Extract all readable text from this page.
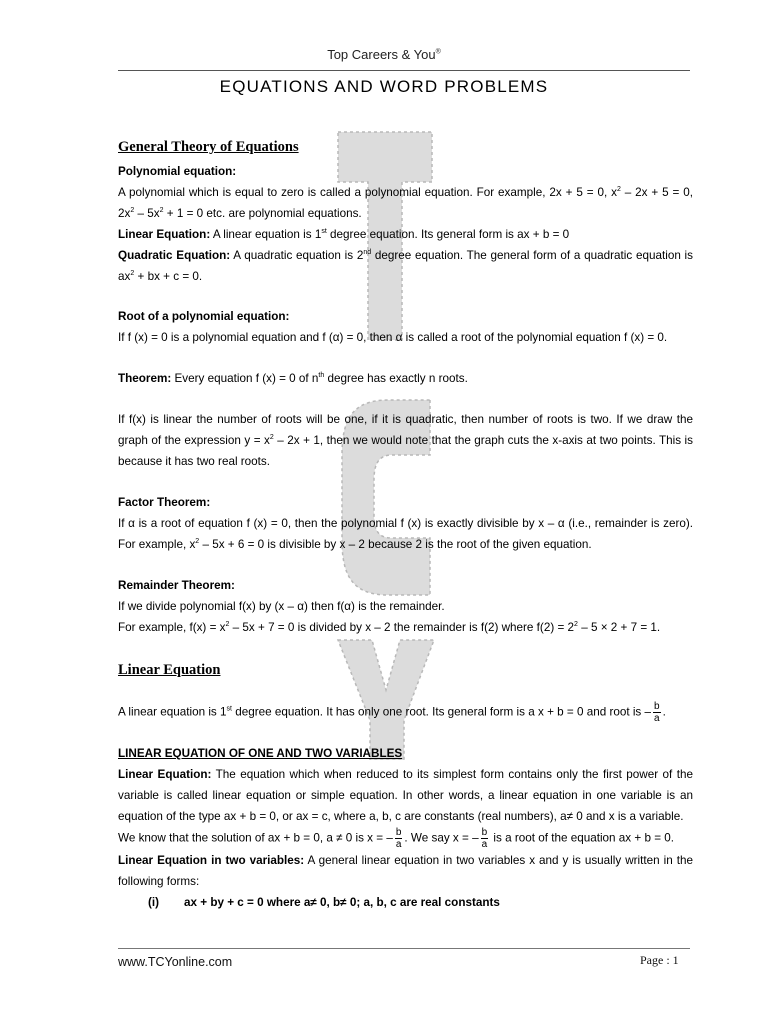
Top Careers & You®
EQUATIONS AND WORD PROBLEMS

General Theory of Equations

Polynomial equation:

A polynomial which is equal to zero is called a polynomial equation. For example, 2x + 5 = 0, $x^2 - 2x + 5 = 0$, $2x^2 - 5x^2 + 1 = 0$ etc. are polynomial equations.

Linear Equation: A linear equation is 1st degree equation. Its general form is ax + b = 0

Quadratic Equation: A quadratic equation is 2nd degree equation. The general form of a quadratic equation is $ax^2$ + bx + c = 0.

Root of a polynomial equation:

If f (x) = 0 is a polynomial equation and f (α) = 0, then α is called a root of the polynomial equation f (x) = 0.

Theorem: Every equation f (x) = 0 of $n^{th}$ degree has exactly n roots.

If f(x) is linear the number of roots will be one, if it is quadratic, then number of roots is two. If we draw the graph of the expression $y = x^2 - 2x + 1$, then we would note that the graph cuts the x-axis at two points. This is because it has two real roots.

Factor Theorem:

If α is a root of equation f (x) = 0, then the polynomial f (x) is exactly divisible by x – α (i.e., remainder is zero). For example, $x^2 - 5x + 6 = 0$ is divisible by x – 2 because 2 is the root of the given equation.

Remainder Theorem:

If we divide polynomial f(x) by (x – α) then f(α) is the remainder.

For example, $f(x) = x^2 - 5x + 7 = 0$ is divided by x – 2 the remainder is f(2) where $f(2) = 2^2 - 5 \times 2 + 7 = 1$.

Linear Equation

A linear equation is 1st degree equation. It has only one root. Its general form is a x + b = 0 and root is – $\frac{b}{a}$ .

LINEAR EQUATION OF ONE AND TWO VARIABLES

Linear Equation: The equation which when reduced to its simplest form contains only the first power of the variable is called linear equation or simple equation. In other words, a linear equation in one variable is an equation of the type ax + b = 0, or ax = c, where a, b, c are constants (real numbers), a≠ 0 and x is a variable.

We know that the solution of ax + b = 0, a ≠ 0 is x = – $\frac{b}{a}$ . We say x = – $\frac{b}{a}$ is a root of the equation ax + b = 0.

Linear Equation in two variables: A general linear equation in two variables x and y is usually written in the following forms:

(i) ax + by + c = 0 where a≠ 0, b≠ 0; a, b, c are real constants

www.TCYonline.com	Page : 1
